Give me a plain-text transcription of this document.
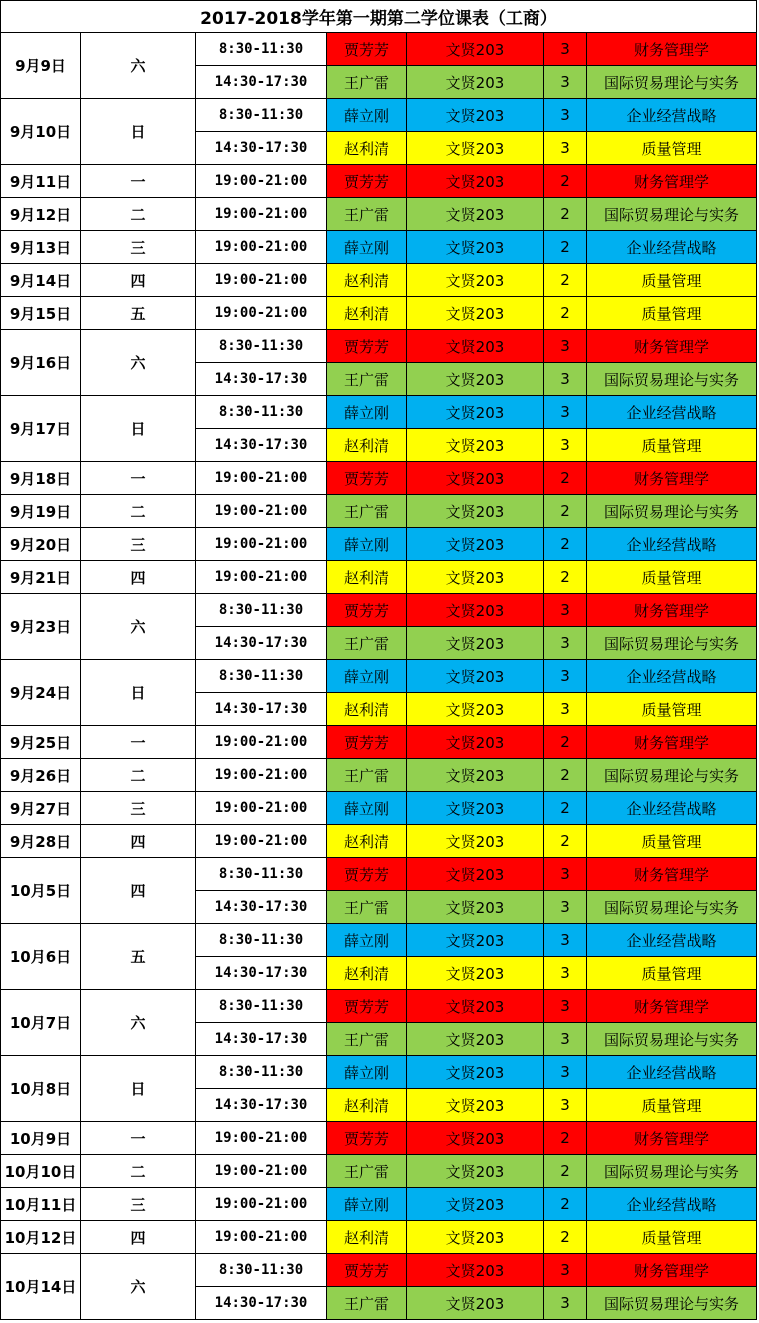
2017-2018学年第一期第二学位课表（工商）
9月9日	六
8:30-11:30	贾芳芳	文贤203	3	财务管理学
14:30-17:30	王广雷	文贤203	3	国际贸易理论与实务
9月10日	日
8:30-11:30	薛立刚	文贤203	3	企业经营战略
14:30-17:30	赵利清	文贤203	3	质量管理
9月11日	一	19:00-21:00	贾芳芳	文贤203	2	财务管理学
9月12日	二	19:00-21:00	王广雷	文贤203	2	国际贸易理论与实务
9月13日	三	19:00-21:00	薛立刚	文贤203	2	企业经营战略
9月14日	四	19:00-21:00	赵利清	文贤203	2	质量管理
9月15日	五	19:00-21:00	赵利清	文贤203	2	质量管理
9月16日	六
8:30-11:30	贾芳芳	文贤203	3	财务管理学
14:30-17:30	王广雷	文贤203	3	国际贸易理论与实务
9月17日	日
8:30-11:30	薛立刚	文贤203	3	企业经营战略
14:30-17:30	赵利清	文贤203	3	质量管理
9月18日	一	19:00-21:00	贾芳芳	文贤203	2	财务管理学
9月19日	二	19:00-21:00	王广雷	文贤203	2	国际贸易理论与实务
9月20日	三	19:00-21:00	薛立刚	文贤203	2	企业经营战略
9月21日	四	19:00-21:00	赵利清	文贤203	2	质量管理
9月23日	六
8:30-11:30	贾芳芳	文贤203	3	财务管理学
14:30-17:30	王广雷	文贤203	3	国际贸易理论与实务
9月24日	日
8:30-11:30	薛立刚	文贤203	3	企业经营战略
14:30-17:30	赵利清	文贤203	3	质量管理
9月25日	一	19:00-21:00	贾芳芳	文贤203	2	财务管理学
9月26日	二	19:00-21:00	王广雷	文贤203	2	国际贸易理论与实务
9月27日	三	19:00-21:00	薛立刚	文贤203	2	企业经营战略
9月28日	四	19:00-21:00	赵利清	文贤203	2	质量管理
10月5日	四
8:30-11:30	贾芳芳	文贤203	3	财务管理学
14:30-17:30	王广雷	文贤203	3	国际贸易理论与实务
10月6日	五
8:30-11:30	薛立刚	文贤203	3	企业经营战略
14:30-17:30	赵利清	文贤203	3	质量管理
10月7日	六
8:30-11:30	贾芳芳	文贤203	3	财务管理学
14:30-17:30	王广雷	文贤203	3	国际贸易理论与实务
10月8日	日
8:30-11:30	薛立刚	文贤203	3	企业经营战略
14:30-17:30	赵利清	文贤203	3	质量管理
10月9日	一	19:00-21:00	贾芳芳	文贤203	2	财务管理学
10月10日	二	19:00-21:00	王广雷	文贤203	2	国际贸易理论与实务
10月11日	三	19:00-21:00	薛立刚	文贤203	2	企业经营战略
10月12日	四	19:00-21:00	赵利清	文贤203	2	质量管理
10月14日	六
8:30-11:30	贾芳芳	文贤203	3	财务管理学
14:30-17:30	王广雷	文贤203	3	国际贸易理论与实务
